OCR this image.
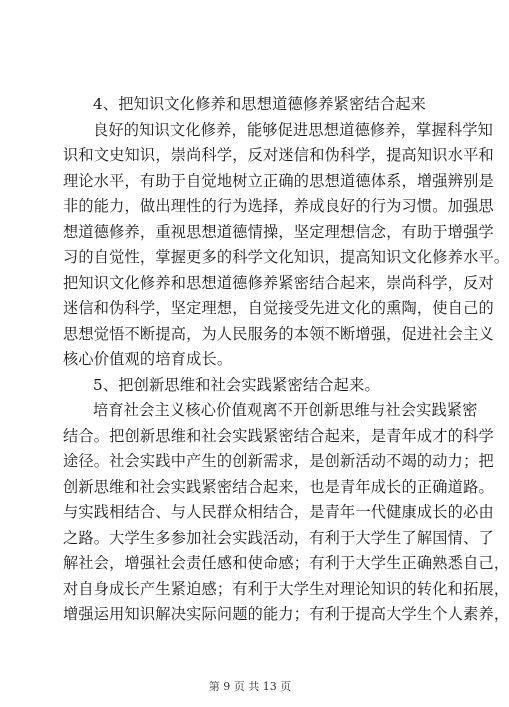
4、把知识文化修养和思想道德修养紧密结合起来
良好的知识文化修养，能够促进思想道德修养，掌握科学知
识和文史知识，崇尚科学，反对迷信和伪科学，提高知识水平和
理论水平，有助于自觉地树立正确的思想道德体系，增强辨别是
非的能力，做出理性的行为选择，养成良好的行为习惯。加强思
想道德修养，重视思想道德情操，坚定理想信念，有助于增强学
习的自觉性，掌握更多的科学文化知识，提高知识文化修养水平。
把知识文化修养和思想道德修养紧密结合起来，崇尚科学，反对
迷信和伪科学，坚定理想，自觉接受先进文化的熏陶，使自己的
思想觉悟不断提高，为人民服务的本领不断增强，促进社会主义
核心价值观的培育成长。
5、把创新思维和社会实践紧密结合起来。
培育社会主义核心价值观离不开创新思维与社会实践紧密
结合。把创新思维和社会实践紧密结合起来，是青年成才的科学
途径。社会实践中产生的创新需求，是创新活动不竭的动力；把
创新思维和社会实践紧密结合起来，也是青年成长的正确道路。
与实践相结合、与人民群众相结合，是青年一代健康成长的必由
之路。大学生多参加社会实践活动，有利于大学生了解国情、了
解社会，增强社会责任感和使命感；有利于大学生正确熟悉自己，
对自身成长产生紧迫感；有利于大学生对理论知识的转化和拓展，
增强运用知识解决实际问题的能力；有利于提高大学生个人素养，
第 9 页 共 13 页
